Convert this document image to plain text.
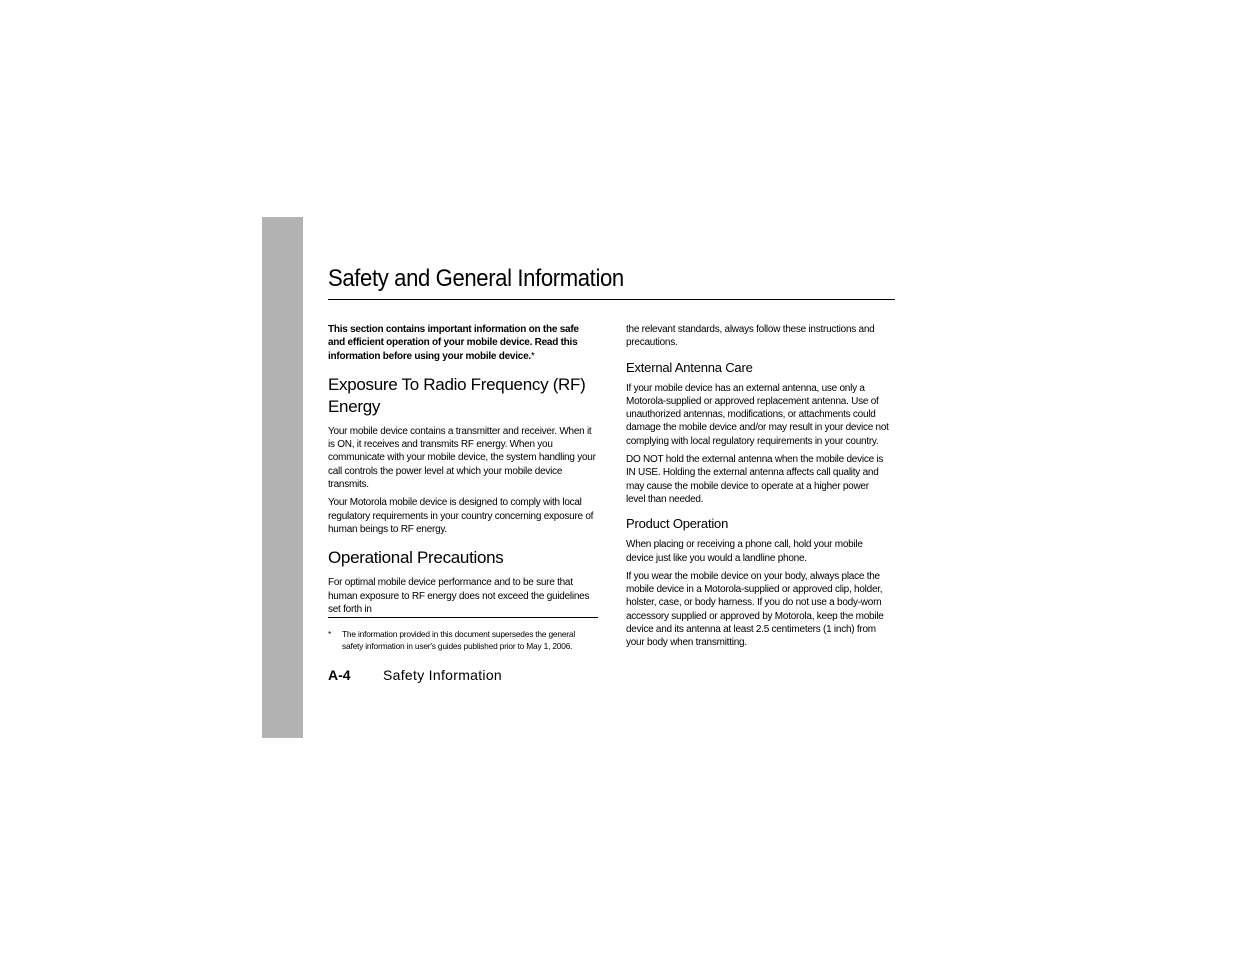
Safety and General Information

This section contains important information on the safe and efficient operation of your mobile device. Read this information before using your mobile device.*

Exposure To Radio Frequency (RF) Energy

Your mobile device contains a transmitter and receiver. When it is ON, it receives and transmits RF energy. When you communicate with your mobile device, the system handling your call controls the power level at which your mobile device transmits.

Your Motorola mobile device is designed to comply with local regulatory requirements in your country concerning exposure of human beings to RF energy.

Operational Precautions

For optimal mobile device performance and to be sure that human exposure to RF energy does not exceed the guidelines set forth in

* The information provided in this document supersedes the general safety information in user's guides published prior to May 1, 2006.

the relevant standards, always follow these instructions and precautions.

External Antenna Care

If your mobile device has an external antenna, use only a Motorola-supplied or approved replacement antenna. Use of unauthorized antennas, modifications, or attachments could damage the mobile device and/or may result in your device not complying with local regulatory requirements in your country.

DO NOT hold the external antenna when the mobile device is IN USE. Holding the external antenna affects call quality and may cause the mobile device to operate at a higher power level than needed.

Product Operation

When placing or receiving a phone call, hold your mobile device just like you would a landline phone.

If you wear the mobile device on your body, always place the mobile device in a Motorola-supplied or approved clip, holder, holster, case, or body harness. If you do not use a body-worn accessory supplied or approved by Motorola, keep the mobile device and its antenna at least 2.5 centimeters (1 inch) from your body when transmitting.

A-4 Safety Information
